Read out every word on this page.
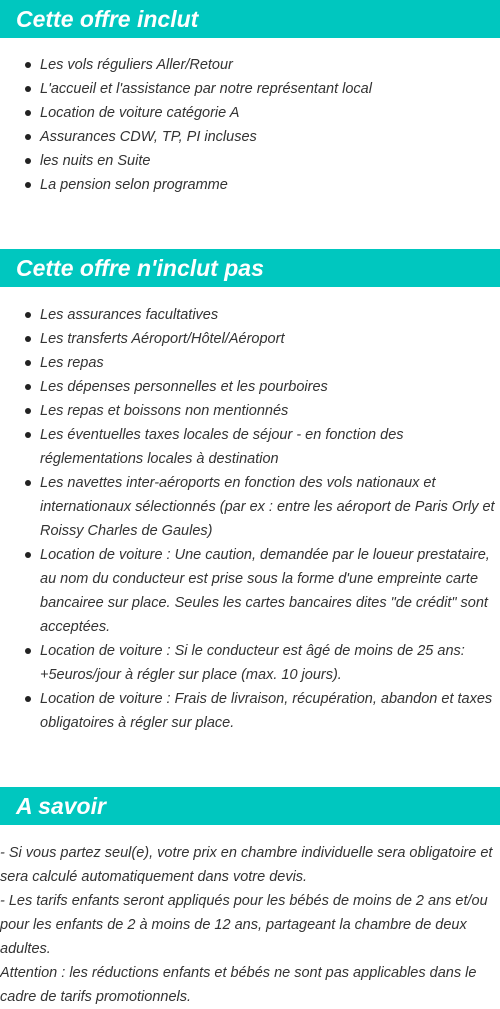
Cette offre inclut
Les vols réguliers Aller/Retour
L'accueil et l'assistance par notre représentant local
Location de voiture catégorie A
Assurances CDW, TP, PI incluses
les nuits en Suite
La pension selon programme
Cette offre n'inclut pas
Les assurances facultatives
Les transferts Aéroport/Hôtel/Aéroport
Les repas
Les dépenses personnelles et les pourboires
Les repas et boissons non mentionnés
Les éventuelles taxes locales de séjour - en fonction des réglementations locales à destination
Les navettes inter-aéroports en fonction des vols nationaux et internationaux sélectionnés (par ex : entre les aéroport de Paris Orly et Roissy Charles de Gaules)
Location de voiture : Une caution, demandée par le loueur prestataire, au nom du conducteur est prise sous la forme d'une empreinte carte bancairee sur place. Seules les cartes bancaires dites "de crédit" sont acceptées.
Location de voiture : Si le conducteur est âgé de moins de 25 ans: +5euros/jour à régler sur place (max. 10 jours).
Location de voiture : Frais de livraison, récupération, abandon et taxes obligatoires à régler sur place.
A savoir

- Si vous partez seul(e), votre prix en chambre individuelle sera obligatoire et sera calculé automatiquement dans votre devis.

- Les tarifs enfants seront appliqués pour les bébés de moins de 2 ans et/ou pour les enfants de 2 à moins de 12 ans, partageant la chambre de deux adultes.

Attention : les réductions enfants et bébés ne sont pas applicables dans le cadre de tarifs promotionnels.
